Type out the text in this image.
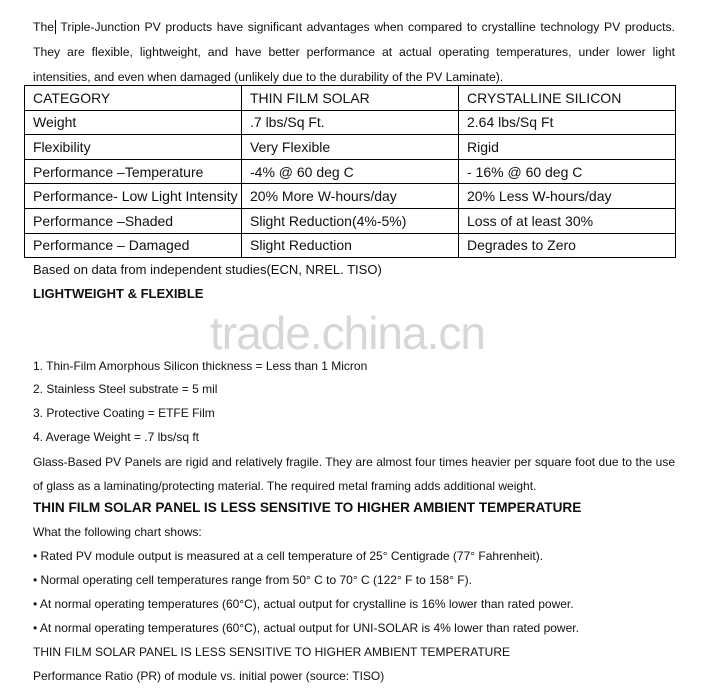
The Triple-Junction PV products have significant advantages when compared to crystalline technology PV products. They are flexible, lightweight, and have better performance at actual operating temperatures, under lower light intensities, and even when damaged (unlikely due to the durability of the PV Laminate).
CATEGORY	THIN FILM SOLAR	CRYSTALLINE SILICON
Weight	.7 lbs/Sq Ft.	2.64 lbs/Sq Ft
Flexibility	Very Flexible	Rigid
Performance –Temperature	-4% @ 60 deg C	- 16% @ 60 deg C
Performance- Low Light Intensity	20% More W-hours/day	20% Less W-hours/day
Performance –Shaded	Slight Reduction(4%-5%)	Loss of at least 30%
Performance – Damaged	Slight Reduction	Degrades to Zero
Based on data from independent studies(ECN, NREL. TISO)
LIGHTWEIGHT & FLEXIBLE
trade.china.cn
1. Thin-Film Amorphous Silicon thickness = Less than 1 Micron
2. Stainless Steel substrate = 5 mil
3. Protective Coating = ETFE Film
4. Average Weight = .7 lbs/sq ft
Glass-Based PV Panels are rigid and relatively fragile. They are almost four times heavier per square foot due to the use of glass as a laminating/protecting material. The required metal framing adds additional weight.
THIN FILM SOLAR PANEL IS LESS SENSITIVE TO HIGHER AMBIENT TEMPERATURE
What the following chart shows:
• Rated PV module output is measured at a cell temperature of 25° Centigrade (77° Fahrenheit).
• Normal operating cell temperatures range from 50° C to 70° C (122° F to 158° F).
• At normal operating temperatures (60°C), actual output for crystalline is 16% lower than rated power.
• At normal operating temperatures (60°C), actual output for UNI-SOLAR is 4% lower than rated power.
THIN FILM SOLAR PANEL IS LESS SENSITIVE TO HIGHER AMBIENT TEMPERATURE
Performance Ratio (PR) of module vs. initial power (source: TISO)
